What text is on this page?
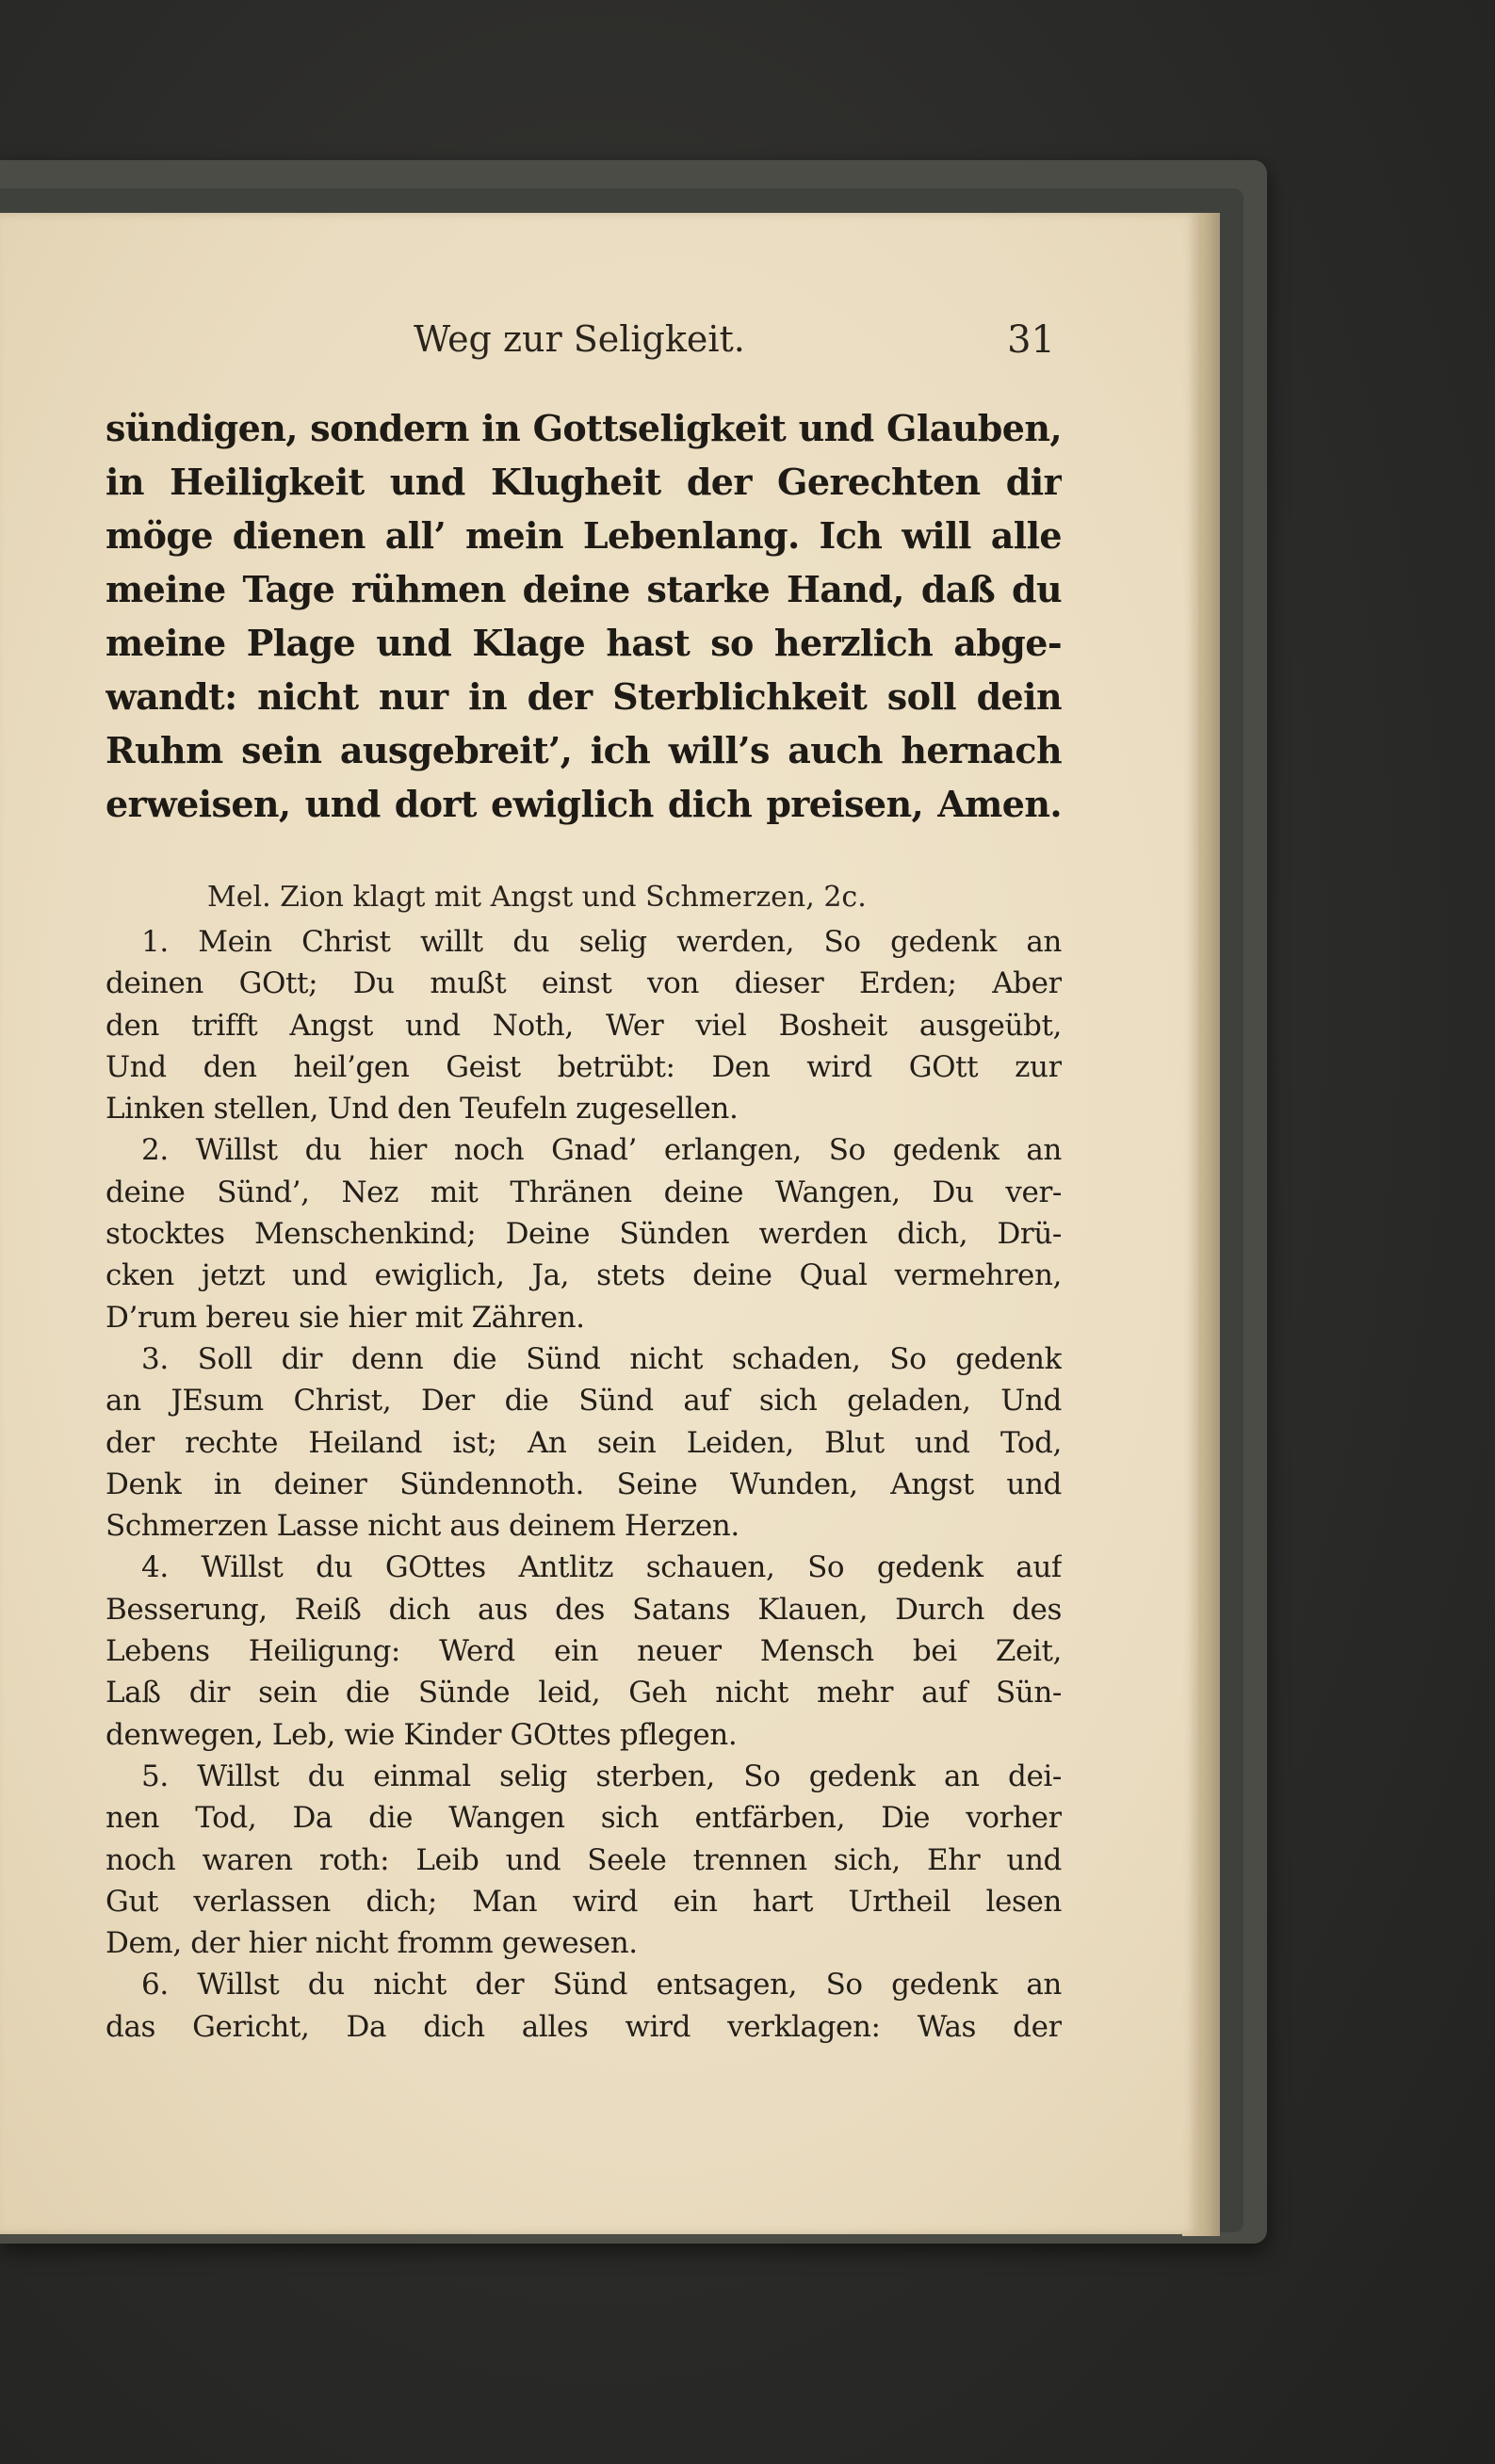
Weg zur Seligkeit.	31
sündigen, sondern in Gottseligkeit und Glauben,
in Heiligkeit und Klugheit der Gerechten dir
möge dienen all’ mein Lebenlang. Ich will alle
meine Tage rühmen deine starke Hand, daß du
meine Plage und Klage hast so herzlich abge-
wandt: nicht nur in der Sterblichkeit soll dein
Ruhm sein ausgebreit’, ich will’s auch hernach
erweisen, und dort ewiglich dich preisen, Amen.
Mel. Zion klagt mit Angst und Schmerzen, 2c.
1. Mein Christ willt du selig werden, So gedenk an
deinen GOtt; Du mußt einst von dieser Erden; Aber
den trifft Angst und Noth, Wer viel Bosheit ausgeübt,
Und den heil’gen Geist betrübt: Den wird GOtt zur
Linken stellen, Und den Teufeln zugesellen.
2. Willst du hier noch Gnad’ erlangen, So gedenk an
deine Sünd’, Nez mit Thränen deine Wangen, Du ver-
stocktes Menschenkind; Deine Sünden werden dich, Drü-
cken jetzt und ewiglich, Ja, stets deine Qual vermehren,
D’rum bereu sie hier mit Zähren.
3. Soll dir denn die Sünd nicht schaden, So gedenk
an JEsum Christ, Der die Sünd auf sich geladen, Und
der rechte Heiland ist; An sein Leiden, Blut und Tod,
Denk in deiner Sündennoth. Seine Wunden, Angst und
Schmerzen Lasse nicht aus deinem Herzen.
4. Willst du GOttes Antlitz schauen, So gedenk auf
Besserung, Reiß dich aus des Satans Klauen, Durch des
Lebens Heiligung: Werd ein neuer Mensch bei Zeit,
Laß dir sein die Sünde leid, Geh nicht mehr auf Sün-
denwegen, Leb, wie Kinder GOttes pflegen.
5. Willst du einmal selig sterben, So gedenk an dei-
nen Tod, Da die Wangen sich entfärben, Die vorher
noch waren roth: Leib und Seele trennen sich, Ehr und
Gut verlassen dich; Man wird ein hart Urtheil lesen
Dem, der hier nicht fromm gewesen.
6. Willst du nicht der Sünd entsagen, So gedenk an
das Gericht, Da dich alles wird verklagen: Was der
